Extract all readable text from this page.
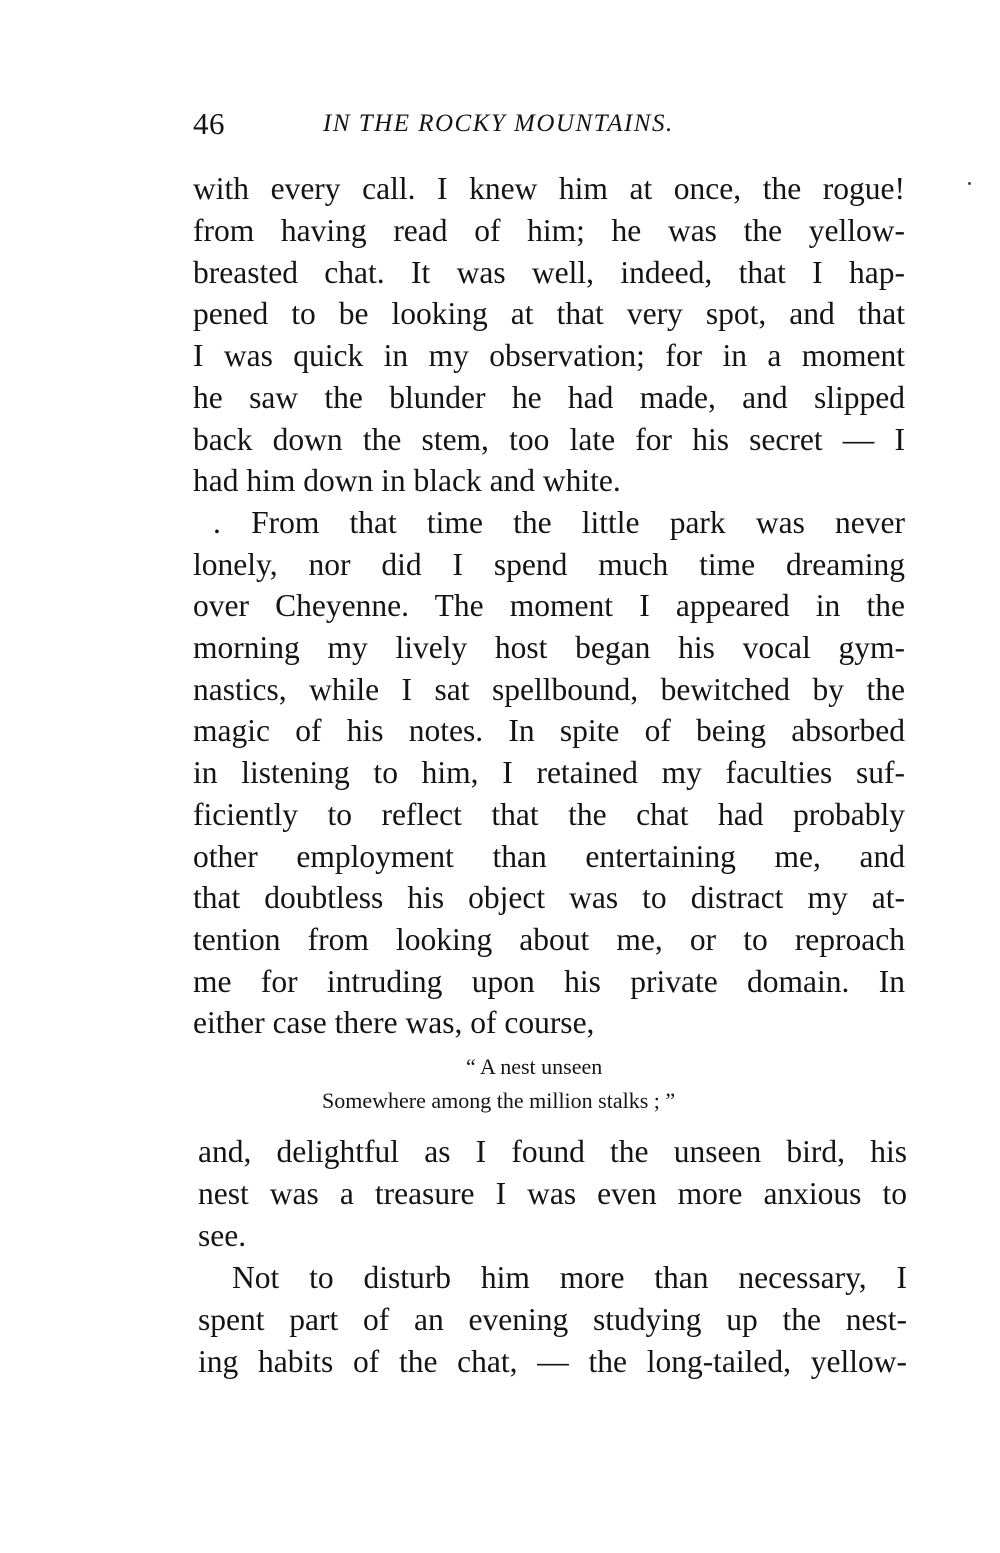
46	IN THE ROCKY MOUNTAINS.
with every call. I knew him at once, the rogue!
from having read of him; he was the yellow-
breasted chat. It was well, indeed, that I hap-
pened to be looking at that very spot, and that
I was quick in my observation; for in a moment
he saw the blunder he had made, and slipped
back down the stem, too late for his secret — I
had him down in black and white.
. From that time the little park was never
lonely, nor did I spend much time dreaming
over Cheyenne. The moment I appeared in the
morning my lively host began his vocal gym-
nastics, while I sat spellbound, bewitched by the
magic of his notes. In spite of being absorbed
in listening to him, I retained my faculties suf-
ficiently to reflect that the chat had probably
other employment than entertaining me, and
that doubtless his object was to distract my at-
tention from looking about me, or to reproach
me for intruding upon his private domain. In
either case there was, of course,
“ A nest unseen
Somewhere among the million stalks ; ”
and, delightful as I found the unseen bird, his
nest was a treasure I was even more anxious to
see.
Not to disturb him more than necessary, I
spent part of an evening studying up the nest-
ing habits of the chat, — the long-tailed, yellow-
